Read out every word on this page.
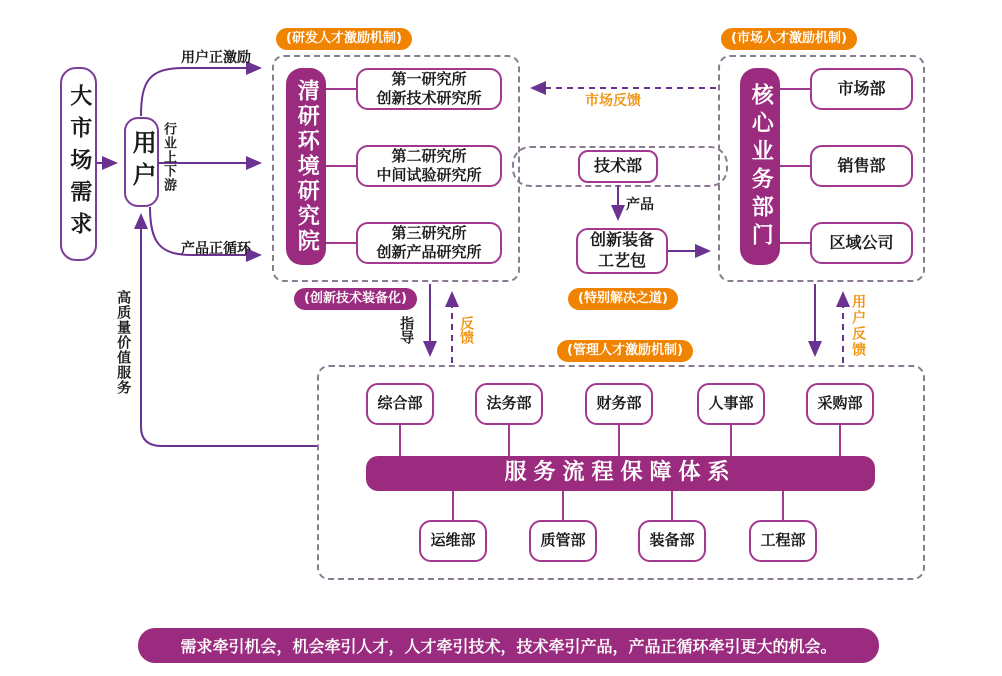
大市场需求 用户
用户正激励
行业上下游
产品正循环
高质量价值服务
(研发人才激励机制)
清研环境研究院
第一研究所
创新技术研究所
第二研究所
中间试验研究所
第三研究所
创新产品研究所
(创新技术装备化)
市场反馈
技术部
产品
创新装备
工艺包
(特别解决之道)
指导	反馈	用户反馈
(市场人才激励机制)
核心业务部门	市场部
销售部
区域公司
(管理人才激励机制)
综合部	法务部	财务部	人事部	采购部
服务流程保障体系
运维部	质管部	装备部	工程部
需求牵引机会，机会牵引人才，人才牵引技术，技术牵引产品，产品正循环牵引更大的机会。
